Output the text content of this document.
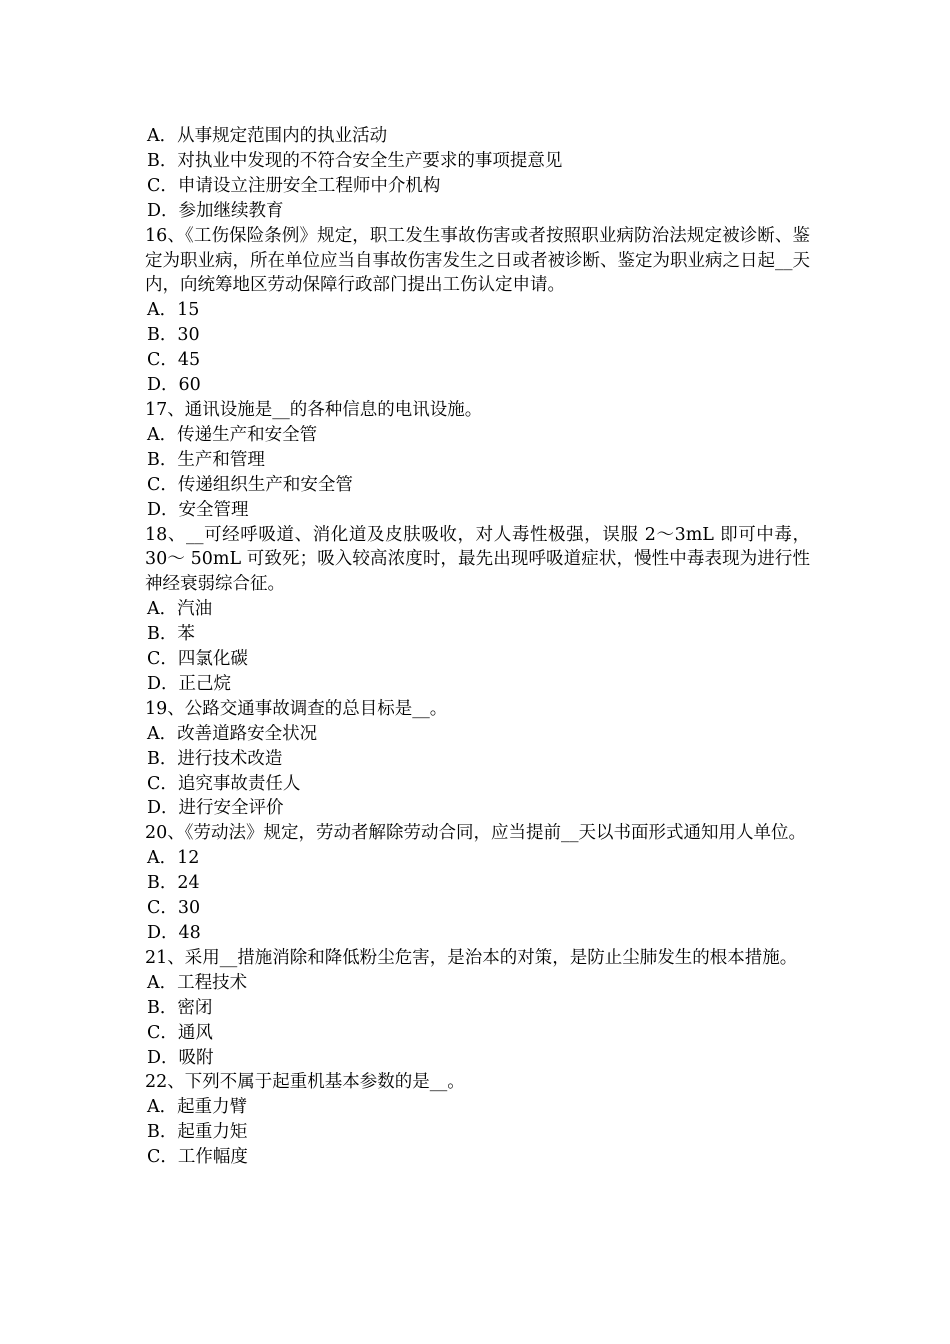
A．从事规定范围内的执业活动

B．对执业中发现的不符合安全生产要求的事项提意见

C．申请设立注册安全工程师中介机构

D．参加继续教育

16、《工伤保险条例》规定，职工发生事故伤害或者按照职业病防治法规定被诊断、鉴定为职业病，所在单位应当自事故伤害发生之日或者被诊断、鉴定为职业病之日起__天内，向统筹地区劳动保障行政部门提出工伤认定申请。

A．15

B．30

C．45

D．60

17、通讯设施是__的各种信息的电讯设施。

A．传递生产和安全管

B．生产和管理

C．传递组织生产和安全管

D．安全管理

18、__可经呼吸道、消化道及皮肤吸收，对人毒性极强，误服 2～3mL 即可中毒，30～ 50mL 可致死；吸入较高浓度时，最先出现呼吸道症状，慢性中毒表现为进行性神经衰弱综合征。

A．汽油

B．苯

C．四氯化碳

D．正己烷

19、公路交通事故调查的总目标是__。

A．改善道路安全状况

B．进行技术改造

C．追究事故责任人

D．进行安全评价

20、《劳动法》规定，劳动者解除劳动合同，应当提前__天以书面形式通知用人单位。

A．12

B．24

C．30

D．48

21、采用__措施消除和降低粉尘危害，是治本的对策，是防止尘肺发生的根本措施。

A．工程技术

B．密闭

C．通风

D．吸附

22、下列不属于起重机基本参数的是__。

A．起重力臂

B．起重力矩

C．工作幅度
